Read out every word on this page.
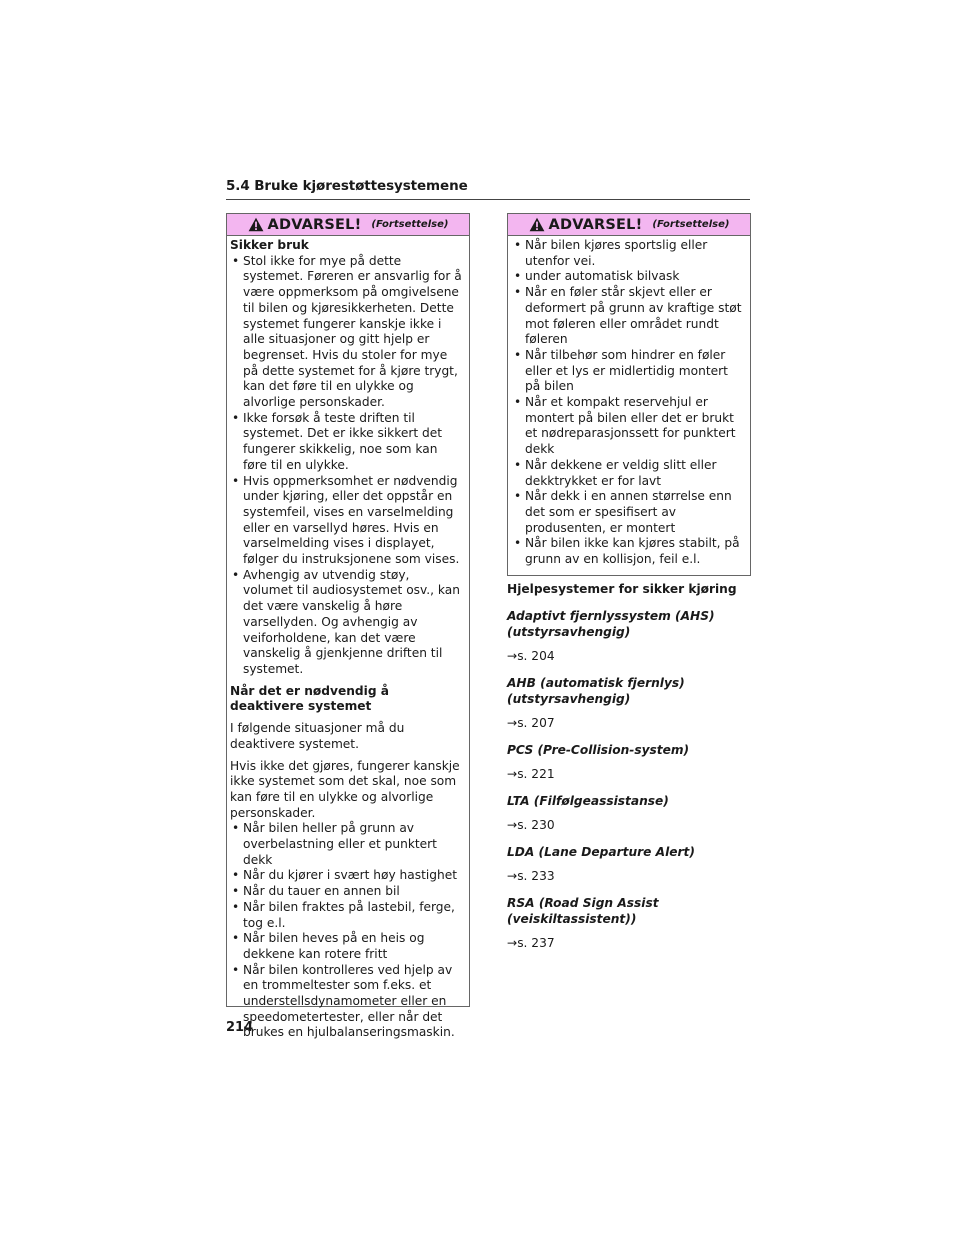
5.4 Bruke kjørestøttesystemene
ADVARSEL! (Fortsettelse)
Sikker bruk
• Stol ikke for mye på dette systemet. Føreren er ansvarlig for å være oppmerksom på omgivelsene til bilen og kjøresikkerheten. Dette systemet fungerer kanskje ikke i alle situasjoner og gitt hjelp er begrenset. Hvis du stoler for mye på dette systemet for å kjøre trygt, kan det føre til en ulykke og alvorlige personskader.
• Ikke forsøk å teste driften til systemet. Det er ikke sikkert det fungerer skikkelig, noe som kan føre til en ulykke.
• Hvis oppmerksomhet er nødvendig under kjøring, eller det oppstår en systemfeil, vises en varselmelding eller en varsellyd høres. Hvis en varselmelding vises i displayet, følger du instruksjonene som vises.
• Avhengig av utvendig støy, volumet til audiosystemet osv., kan det være vanskelig å høre varsellyden. Og avhengig av veiforholdene, kan det være vanskelig å gjenkjenne driften til systemet.
Når det er nødvendig å deaktivere systemet
I følgende situasjoner må du deaktivere systemet.
Hvis ikke det gjøres, fungerer kanskje ikke systemet som det skal, noe som kan føre til en ulykke og alvorlige personskader.
• Når bilen heller på grunn av overbelastning eller et punktert dekk
• Når du kjører i svært høy hastighet
• Når du tauer en annen bil
• Når bilen fraktes på lastebil, ferge, tog e.l.
• Når bilen heves på en heis og dekkene kan rotere fritt
• Når bilen kontrolleres ved hjelp av en trommeltester som f.eks. et understellsdynamometer eller en speedometertester, eller når det brukes en hjulbalanseringsmaskin.
ADVARSEL! (Fortsettelse)
• Når bilen kjøres sportslig eller utenfor vei.
• under automatisk bilvask
• Når en føler står skjevt eller er deformert på grunn av kraftige støt mot føleren eller området rundt føleren
• Når tilbehør som hindrer en føler eller et lys er midlertidig montert på bilen
• Når et kompakt reservehjul er montert på bilen eller det er brukt et nødreparasjonssett for punktert dekk
• Når dekkene er veldig slitt eller dekktrykket er for lavt
• Når dekk i en annen størrelse enn det som er spesifisert av produsenten, er montert
• Når bilen ikke kan kjøres stabilt, på grunn av en kollisjon, feil e.l.
Hjelpesystemer for sikker kjøring
Adaptivt fjernlyssystem (AHS) (utstyrsavhengig)
→s. 204
AHB (automatisk fjernlys) (utstyrsavhengig)
→s. 207
PCS (Pre-Collision-system)
→s. 221
LTA (Filfølgeassistanse)
→s. 230
LDA (Lane Departure Alert)
→s. 233
RSA (Road Sign Assist (veiskiltassistent))
→s. 237
214
